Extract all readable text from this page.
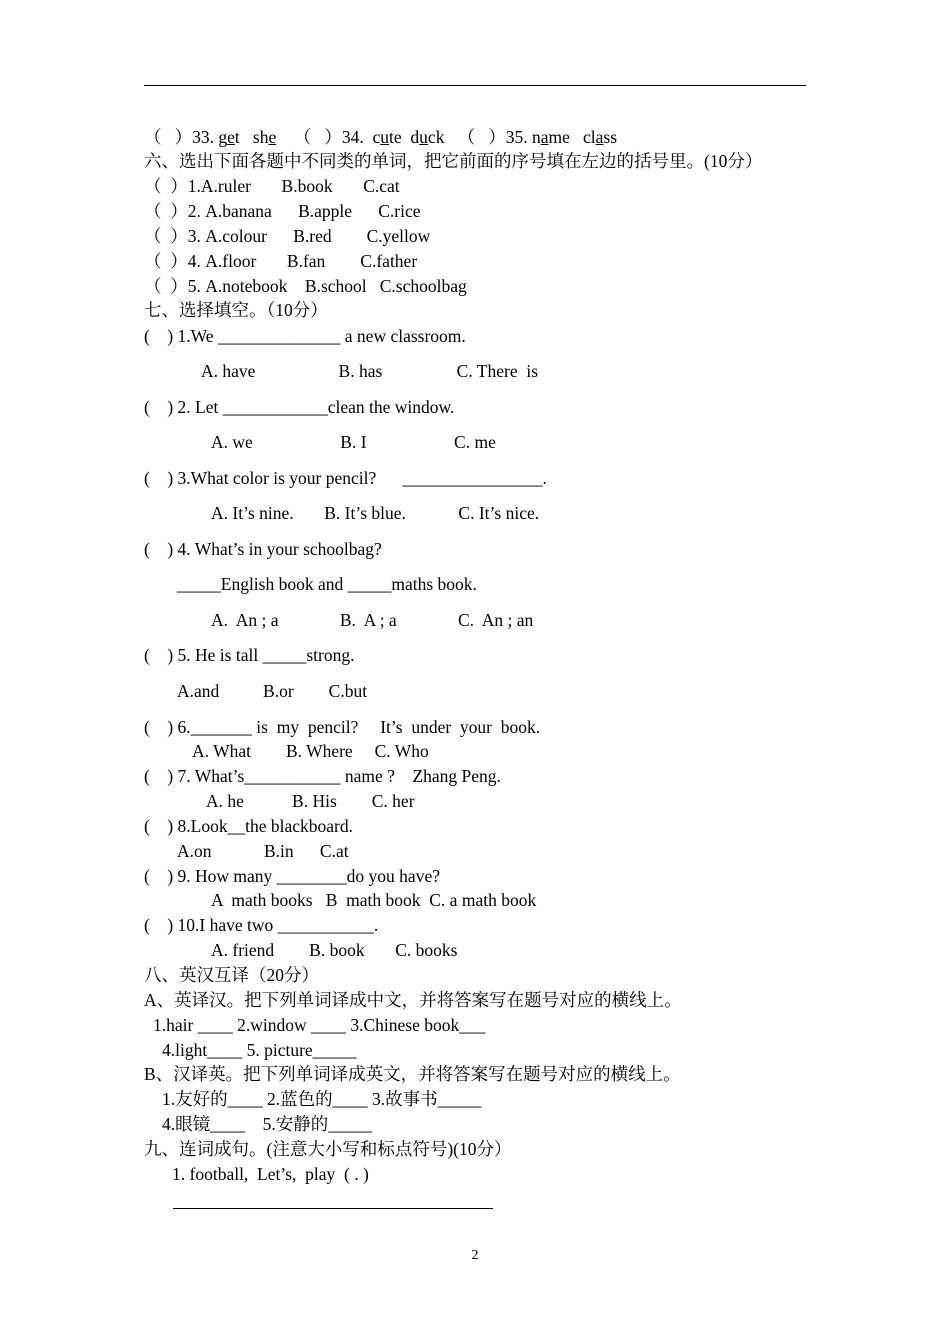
（   ）33. get   she    （   ）34.  cute  duck   （   ）35. name   class
六、选出下面各题中不同类的单词，把它前面的序号填在左边的括号里。(10分）
（  ）1.A.ruler       B.book       C.cat
（  ）2. A.banana      B.apple      C.rice
（  ）3. A.colour      B.red        C.yellow
（  ）4. A.floor       B.fan        C.father
（  ）5. A.notebook    B.school   C.schoolbag
七、选择填空。（10分）
(    ) 1.We ______________ a new classroom.
A. have                   B. has                 C. There  is
(    ) 2. Let ____________clean the window.
A. we                    B. I                    C. me
(    ) 3.What color is your pencil?      ________________.
A. It’s nine.       B. It’s blue.            C. It’s nice.
(    ) 4. What’s in your schoolbag?
_____English book and _____maths book.
A.  An ; a              B.  A ; a              C.  An ; an
(    ) 5. He is tall _____strong.
A.and          B.or        C.but
(    ) 6._______ is  my  pencil?     It’s  under  your  book.
A. What        B. Where     C. Who
(    ) 7. What’s___________ name ?    Zhang Peng.
A. he           B. His        C. her
(    ) 8.Look__the blackboard.
A.on            B.in      C.at
(    ) 9. How many ________do you have?
A  math books   B  math book  C. a math book
(    ) 10.I have two ___________.
A. friend        B. book       C. books
八、英汉互译（20分）
A、英译汉。把下列单词译成中文，并将答案写在题号对应的横线上。
1.hair ____ 2.window ____ 3.Chinese book___
4.light____ 5. picture_____
B、汉译英。把下列单词译成英文，并将答案写在题号对应的横线上。
1.友好的____ 2.蓝色的____ 3.故事书_____
4.眼镜____    5.安静的_____
九、连词成句。(注意大小写和标点符号)(10分）
1. football,  Let’s,  play  ( . )
2
